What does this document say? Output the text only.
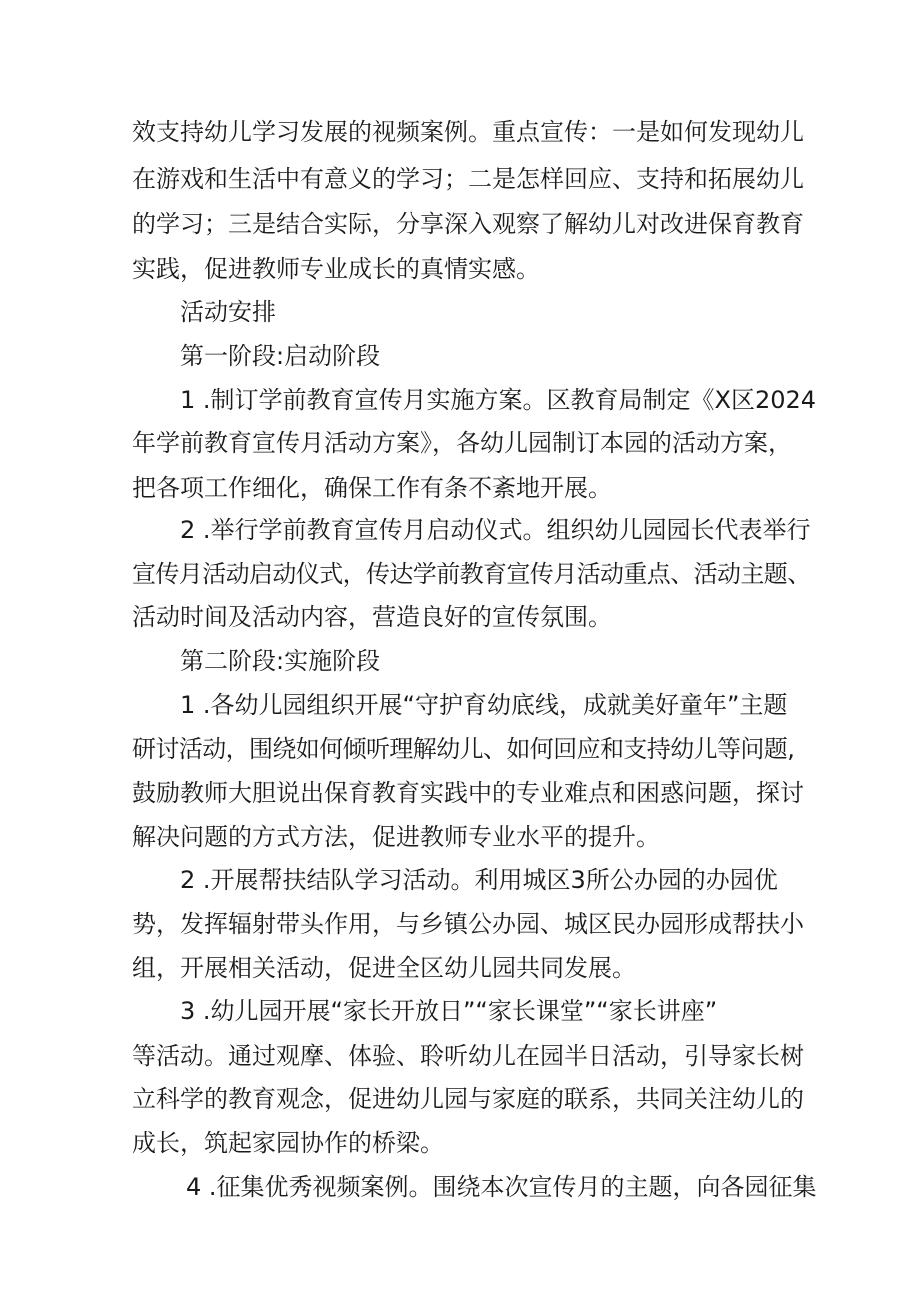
效支持幼儿学习发展的视频案例。重点宣传：一是如何发现幼儿

在游戏和生活中有意义的学习；二是怎样回应、支持和拓展幼儿

的学习；三是结合实际，分享深入观察了解幼儿对改进保育教育

实践，促进教师专业成长的真情实感。

活动安排

第一阶段:启动阶段

1 .制订学前教育宣传月实施方案。区教育局制定《X区2024

年学前教育宣传月活动方案》，各幼儿园制订本园的活动方案，

把各项工作细化，确保工作有条不紊地开展。

2 .举行学前教育宣传月启动仪式。组织幼儿园园长代表举行

宣传月活动启动仪式，传达学前教育宣传月活动重点、活动主题、

活动时间及活动内容，营造良好的宣传氛围。

第二阶段:实施阶段

1 .各幼儿园组织开展“守护育幼底线，成就美好童年”主题

研讨活动，围绕如何倾听理解幼儿、如何回应和支持幼儿等问题,

鼓励教师大胆说出保育教育实践中的专业难点和困惑问题，探讨

解决问题的方式方法，促进教师专业水平的提升。

2 .开展帮扶结队学习活动。利用城区3所公办园的办园优

势，发挥辐射带头作用，与乡镇公办园、城区民办园形成帮扶小

组，开展相关活动，促进全区幼儿园共同发展。

3 .幼儿园开展“家长开放日”“家长课堂”“家长讲座”

等活动。通过观摩、体验、聆听幼儿在园半日活动，引导家长树

立科学的教育观念，促进幼儿园与家庭的联系，共同关注幼儿的

成长，筑起家园协作的桥梁。

4 .征集优秀视频案例。围绕本次宣传月的主题，向各园征集
